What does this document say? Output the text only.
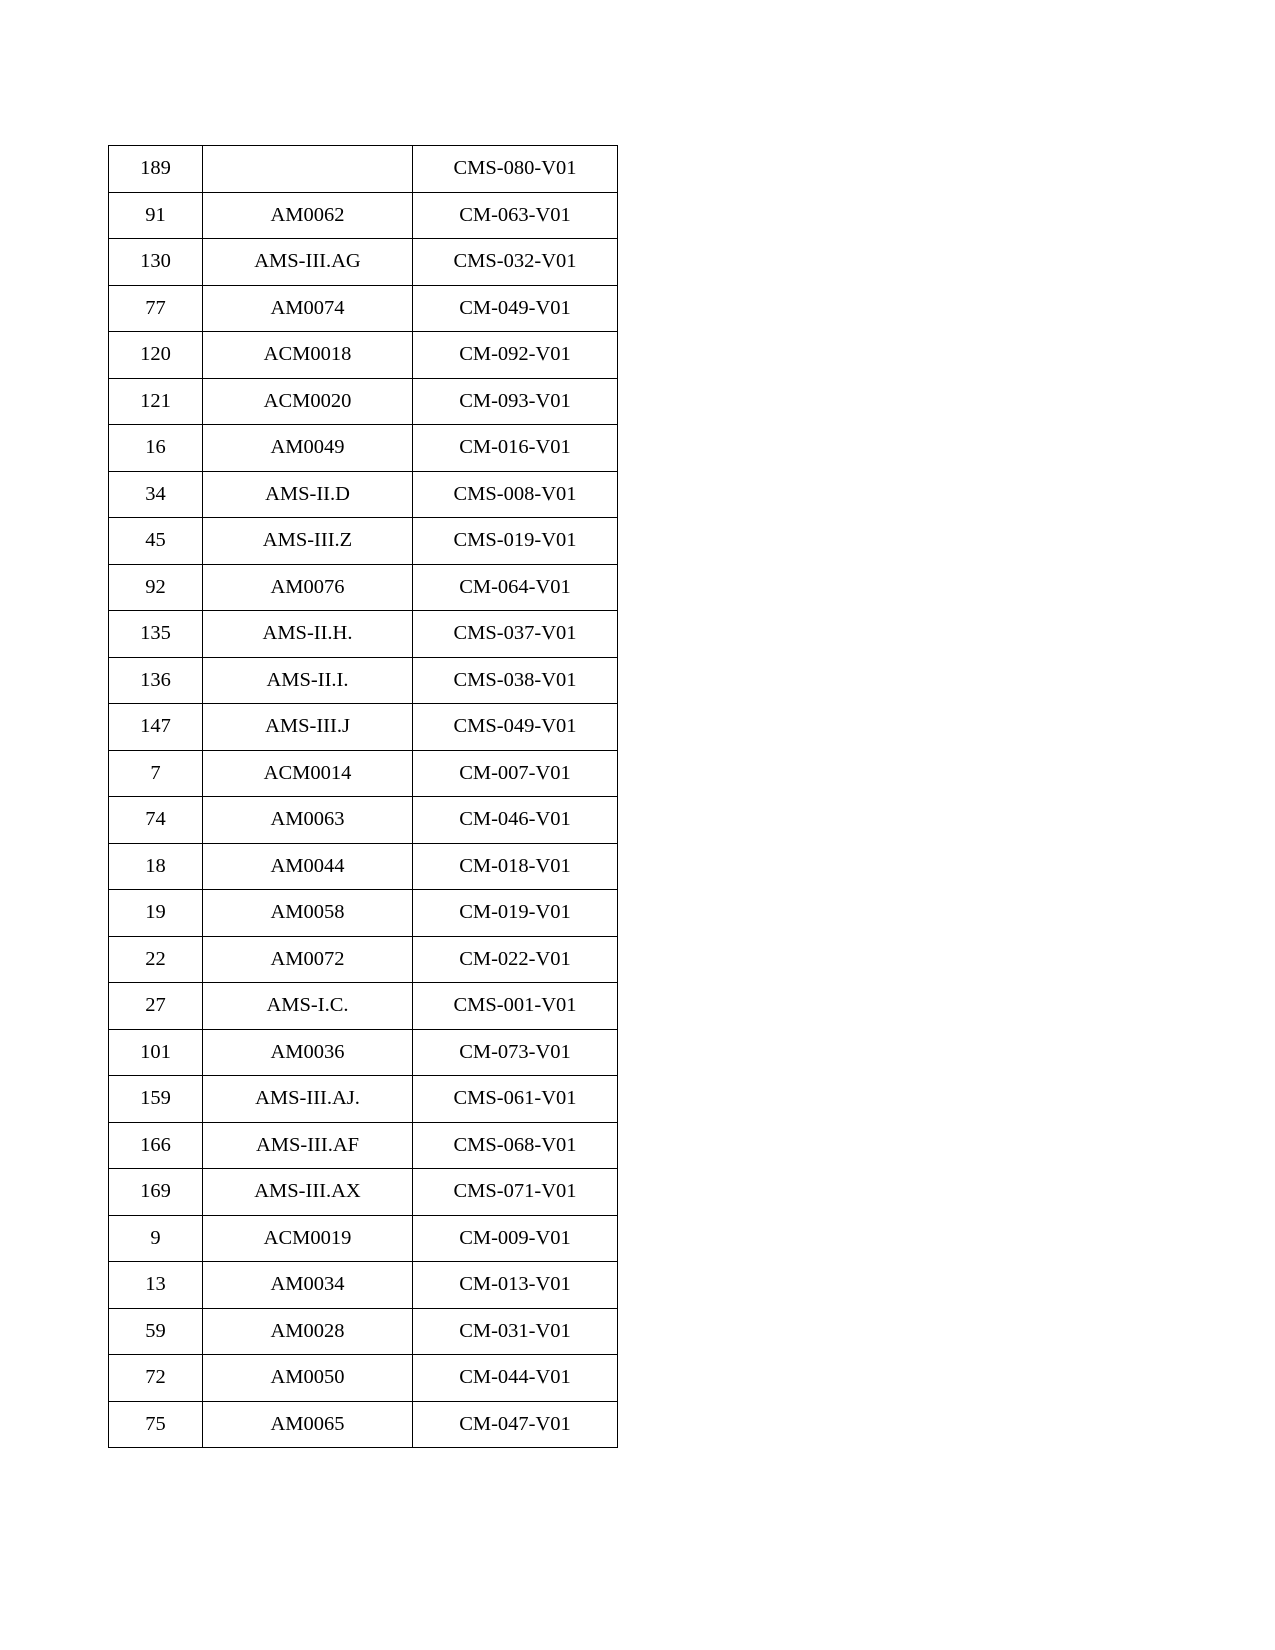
189		CMS-080-V01
91	AM0062	CM-063-V01
130	AMS-III.AG	CMS-032-V01
77	AM0074	CM-049-V01
120	ACM0018	CM-092-V01
121	ACM0020	CM-093-V01
16	AM0049	CM-016-V01
34	AMS-II.D	CMS-008-V01
45	AMS-III.Z	CMS-019-V01
92	AM0076	CM-064-V01
135	AMS-II.H.	CMS-037-V01
136	AMS-II.I.	CMS-038-V01
147	AMS-III.J	CMS-049-V01
7	ACM0014	CM-007-V01
74	AM0063	CM-046-V01
18	AM0044	CM-018-V01
19	AM0058	CM-019-V01
22	AM0072	CM-022-V01
27	AMS-I.C.	CMS-001-V01
101	AM0036	CM-073-V01
159	AMS-III.AJ.	CMS-061-V01
166	AMS-III.AF	CMS-068-V01
169	AMS-III.AX	CMS-071-V01
9	ACM0019	CM-009-V01
13	AM0034	CM-013-V01
59	AM0028	CM-031-V01
72	AM0050	CM-044-V01
75	AM0065	CM-047-V01
